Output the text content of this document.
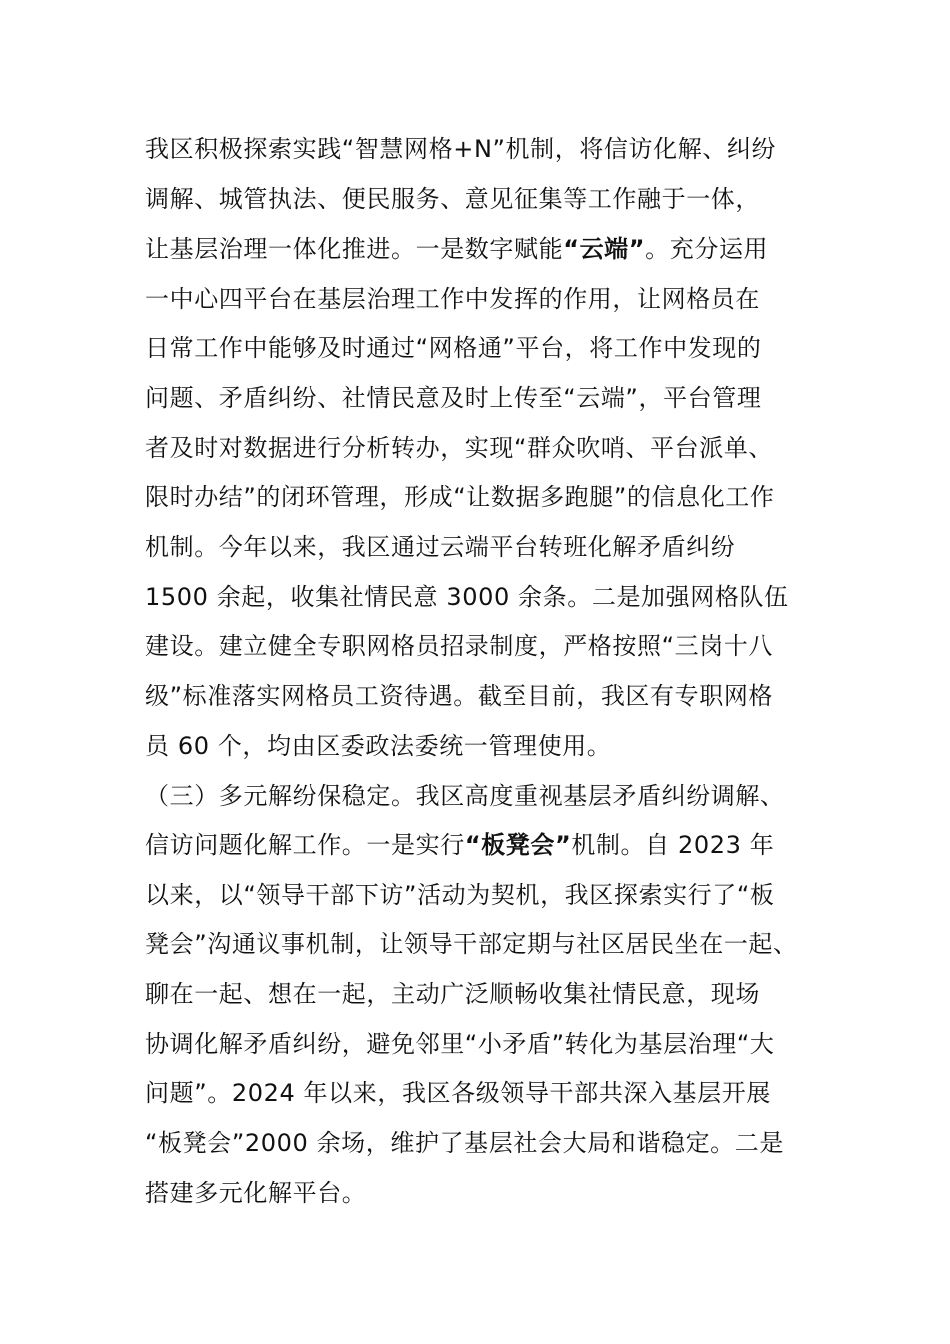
我区积极探索实践“智慧网格+N”机制，将信访化解、纠纷
调解、城管执法、便民服务、意见征集等工作融于一体，
让基层治理一体化推进。一是数字赋能“云端”。充分运用
一中心四平台在基层治理工作中发挥的作用，让网格员在
日常工作中能够及时通过“网格通”平台，将工作中发现的
问题、矛盾纠纷、社情民意及时上传至“云端”，平台管理
者及时对数据进行分析转办，实现“群众吹哨、平台派单、
限时办结”的闭环管理，形成“让数据多跑腿”的信息化工作
机制。今年以来，我区通过云端平台转班化解矛盾纠纷
1500 余起，收集社情民意 3000 余条。二是加强网格队伍
建设。建立健全专职网格员招录制度，严格按照“三岗十八
级”标准落实网格员工资待遇。截至目前，我区有专职网格
员 60 个，均由区委政法委统一管理使用。
（三）多元解纷保稳定。我区高度重视基层矛盾纠纷调解、
信访问题化解工作。一是实行“板凳会”机制。自 2023 年
以来，以“领导干部下访”活动为契机，我区探索实行了“板
凳会”沟通议事机制，让领导干部定期与社区居民坐在一起、
聊在一起、想在一起，主动广泛顺畅收集社情民意，现场
协调化解矛盾纠纷，避免邻里“小矛盾”转化为基层治理“大
问题”。2024 年以来，我区各级领导干部共深入基层开展
“板凳会”2000 余场，维护了基层社会大局和谐稳定。二是
搭建多元化解平台。
